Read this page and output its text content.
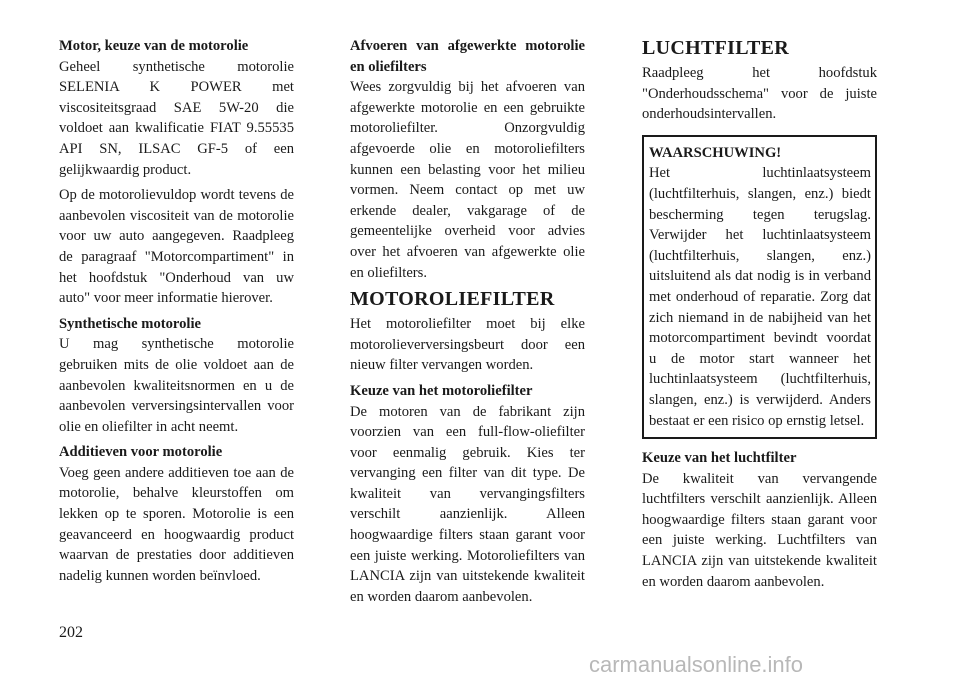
Motor, keuze van de motorolie
Geheel synthetische motorolie SELENIA K POWER met viscositeitsgraad SAE 5W-20 die voldoet aan kwalificatie FIAT 9.55535 API SN, ILSAC GF-5 of een gelijkwaardig product.

Op de motorolievuldop wordt tevens de aanbevolen viscositeit van de motorolie voor uw auto aangegeven. Raadpleeg de paragraaf "Motorcompartiment" in het hoofdstuk "Onderhoud van uw auto" voor meer informatie hierover.

Synthetische motorolie
U mag synthetische motorolie gebruiken mits de olie voldoet aan de aanbevolen kwaliteitsnormen en u de aanbevolen verversingsintervallen voor olie en oliefilter in acht neemt.

Additieven voor motorolie
Voeg geen andere additieven toe aan de motorolie, behalve kleurstoffen om lekken op te sporen. Motorolie is een geavanceerd en hoogwaardig product waarvan de prestaties door additieven nadelig kunnen worden beïnvloed.

Afvoeren van afgewerkte motorolie en oliefilters
Wees zorgvuldig bij het afvoeren van afgewerkte motorolie en een gebruikte motoroliefilter. Onzorgvuldig afgevoerde olie en motoroliefilters kunnen een belasting voor het milieu vormen. Neem contact op met uw erkende dealer, vakgarage of de gemeentelijke overheid voor advies over het afvoeren van afgewerkte olie en oliefilters.

MOTOROLIEFILTER

Het motoroliefilter moet bij elke motorolieverversingsbeurt door een nieuw filter vervangen worden.

Keuze van het motoroliefilter
De motoren van de fabrikant zijn voorzien van een full-flow-oliefilter voor eenmalig gebruik. Kies ter vervanging een filter van dit type. De kwaliteit van vervangingsfilters verschilt aanzienlijk. Alleen hoogwaardige filters staan garant voor een juiste werking. Motoroliefilters van LANCIA zijn van uitstekende kwaliteit en worden daarom aanbevolen.

LUCHTFILTER

Raadpleeg het hoofdstuk "Onderhoudsschema" voor de juiste onderhoudsintervallen.

WAARSCHUWING!
Het luchtinlaatsysteem (luchtfilterhuis, slangen, enz.) biedt bescherming tegen terugslag. Verwijder het luchtinlaatsysteem (luchtfilterhuis, slangen, enz.) uitsluitend als dat nodig is in verband met onderhoud of reparatie. Zorg dat zich niemand in de nabijheid van het motorcompartiment bevindt voordat u de motor start wanneer het luchtinlaatsysteem (luchtfilterhuis, slangen, enz.) is verwijderd. Anders bestaat er een risico op ernstig letsel.

Keuze van het luchtfilter
De kwaliteit van vervangende luchtfilters verschilt aanzienlijk. Alleen hoogwaardige filters staan garant voor een juiste werking. Luchtfilters van LANCIA zijn van uitstekende kwaliteit en worden daarom aanbevolen.

202
carmanualsonline.info
